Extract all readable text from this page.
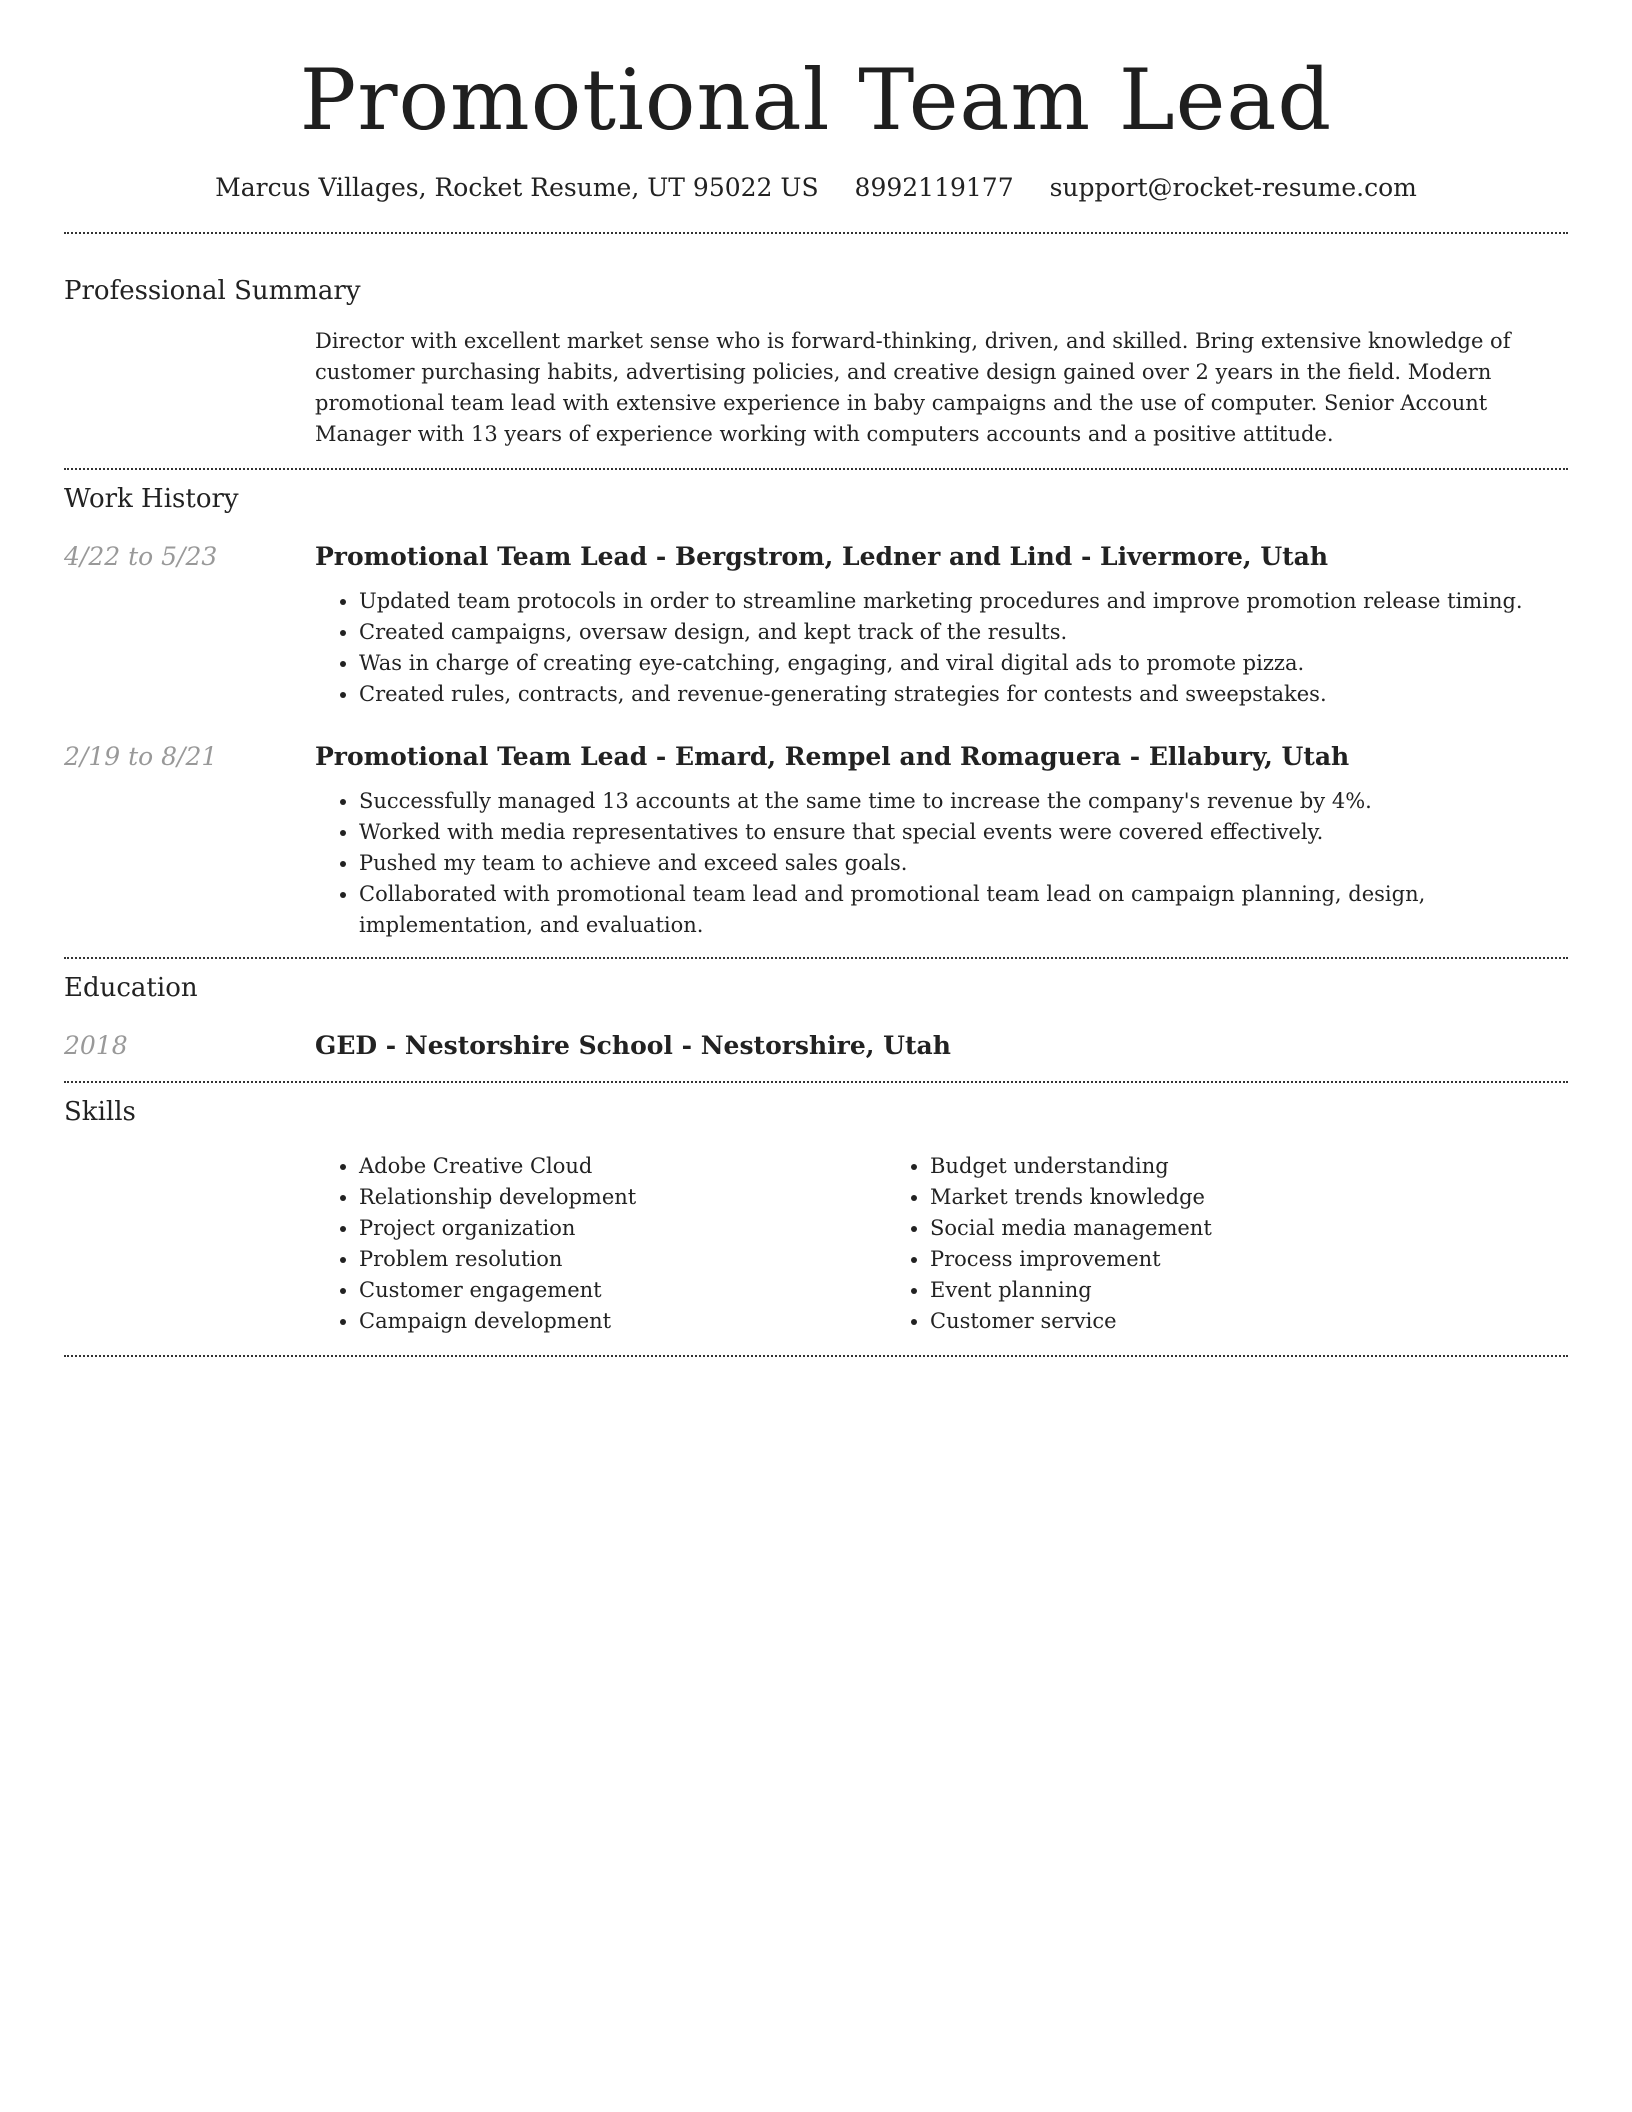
Promotional Team Lead
Marcus Villages, Rocket Resume, UT 95022 US 8992119177 support@rocket-resume.com
Professional Summary

Director with excellent market sense who is forward-thinking, driven, and skilled. Bring extensive knowledge of customer purchasing habits, advertising policies, and creative design gained over 2 years in the field. Modern promotional team lead with extensive experience in baby campaigns and the use of computer. Senior Account Manager with 13 years of experience working with computers accounts and a positive attitude.

Work History
4/22 to 5/23	Promotional Team Lead - Bergstrom, Ledner and Lind - Livermore, Utah
• Updated team protocols in order to streamline marketing procedures and improve promotion release timing.
• Created campaigns, oversaw design, and kept track of the results.
• Was in charge of creating eye-catching, engaging, and viral digital ads to promote pizza.
• Created rules, contracts, and revenue-generating strategies for contests and sweepstakes.
2/19 to 8/21	Promotional Team Lead - Emard, Rempel and Romaguera - Ellabury, Utah
• Successfully managed 13 accounts at the same time to increase the company's revenue by 4%.
• Worked with media representatives to ensure that special events were covered effectively.
• Pushed my team to achieve and exceed sales goals.
• Collaborated with promotional team lead and promotional team lead on campaign planning, design, implementation, and evaluation.
Education
2018	GED - Nestorshire School - Nestorshire, Utah
Skills
• Adobe Creative Cloud
• Relationship development
• Project organization
• Problem resolution
• Customer engagement
• Campaign development
• Budget understanding
• Market trends knowledge
• Social media management
• Process improvement
• Event planning
• Customer service
